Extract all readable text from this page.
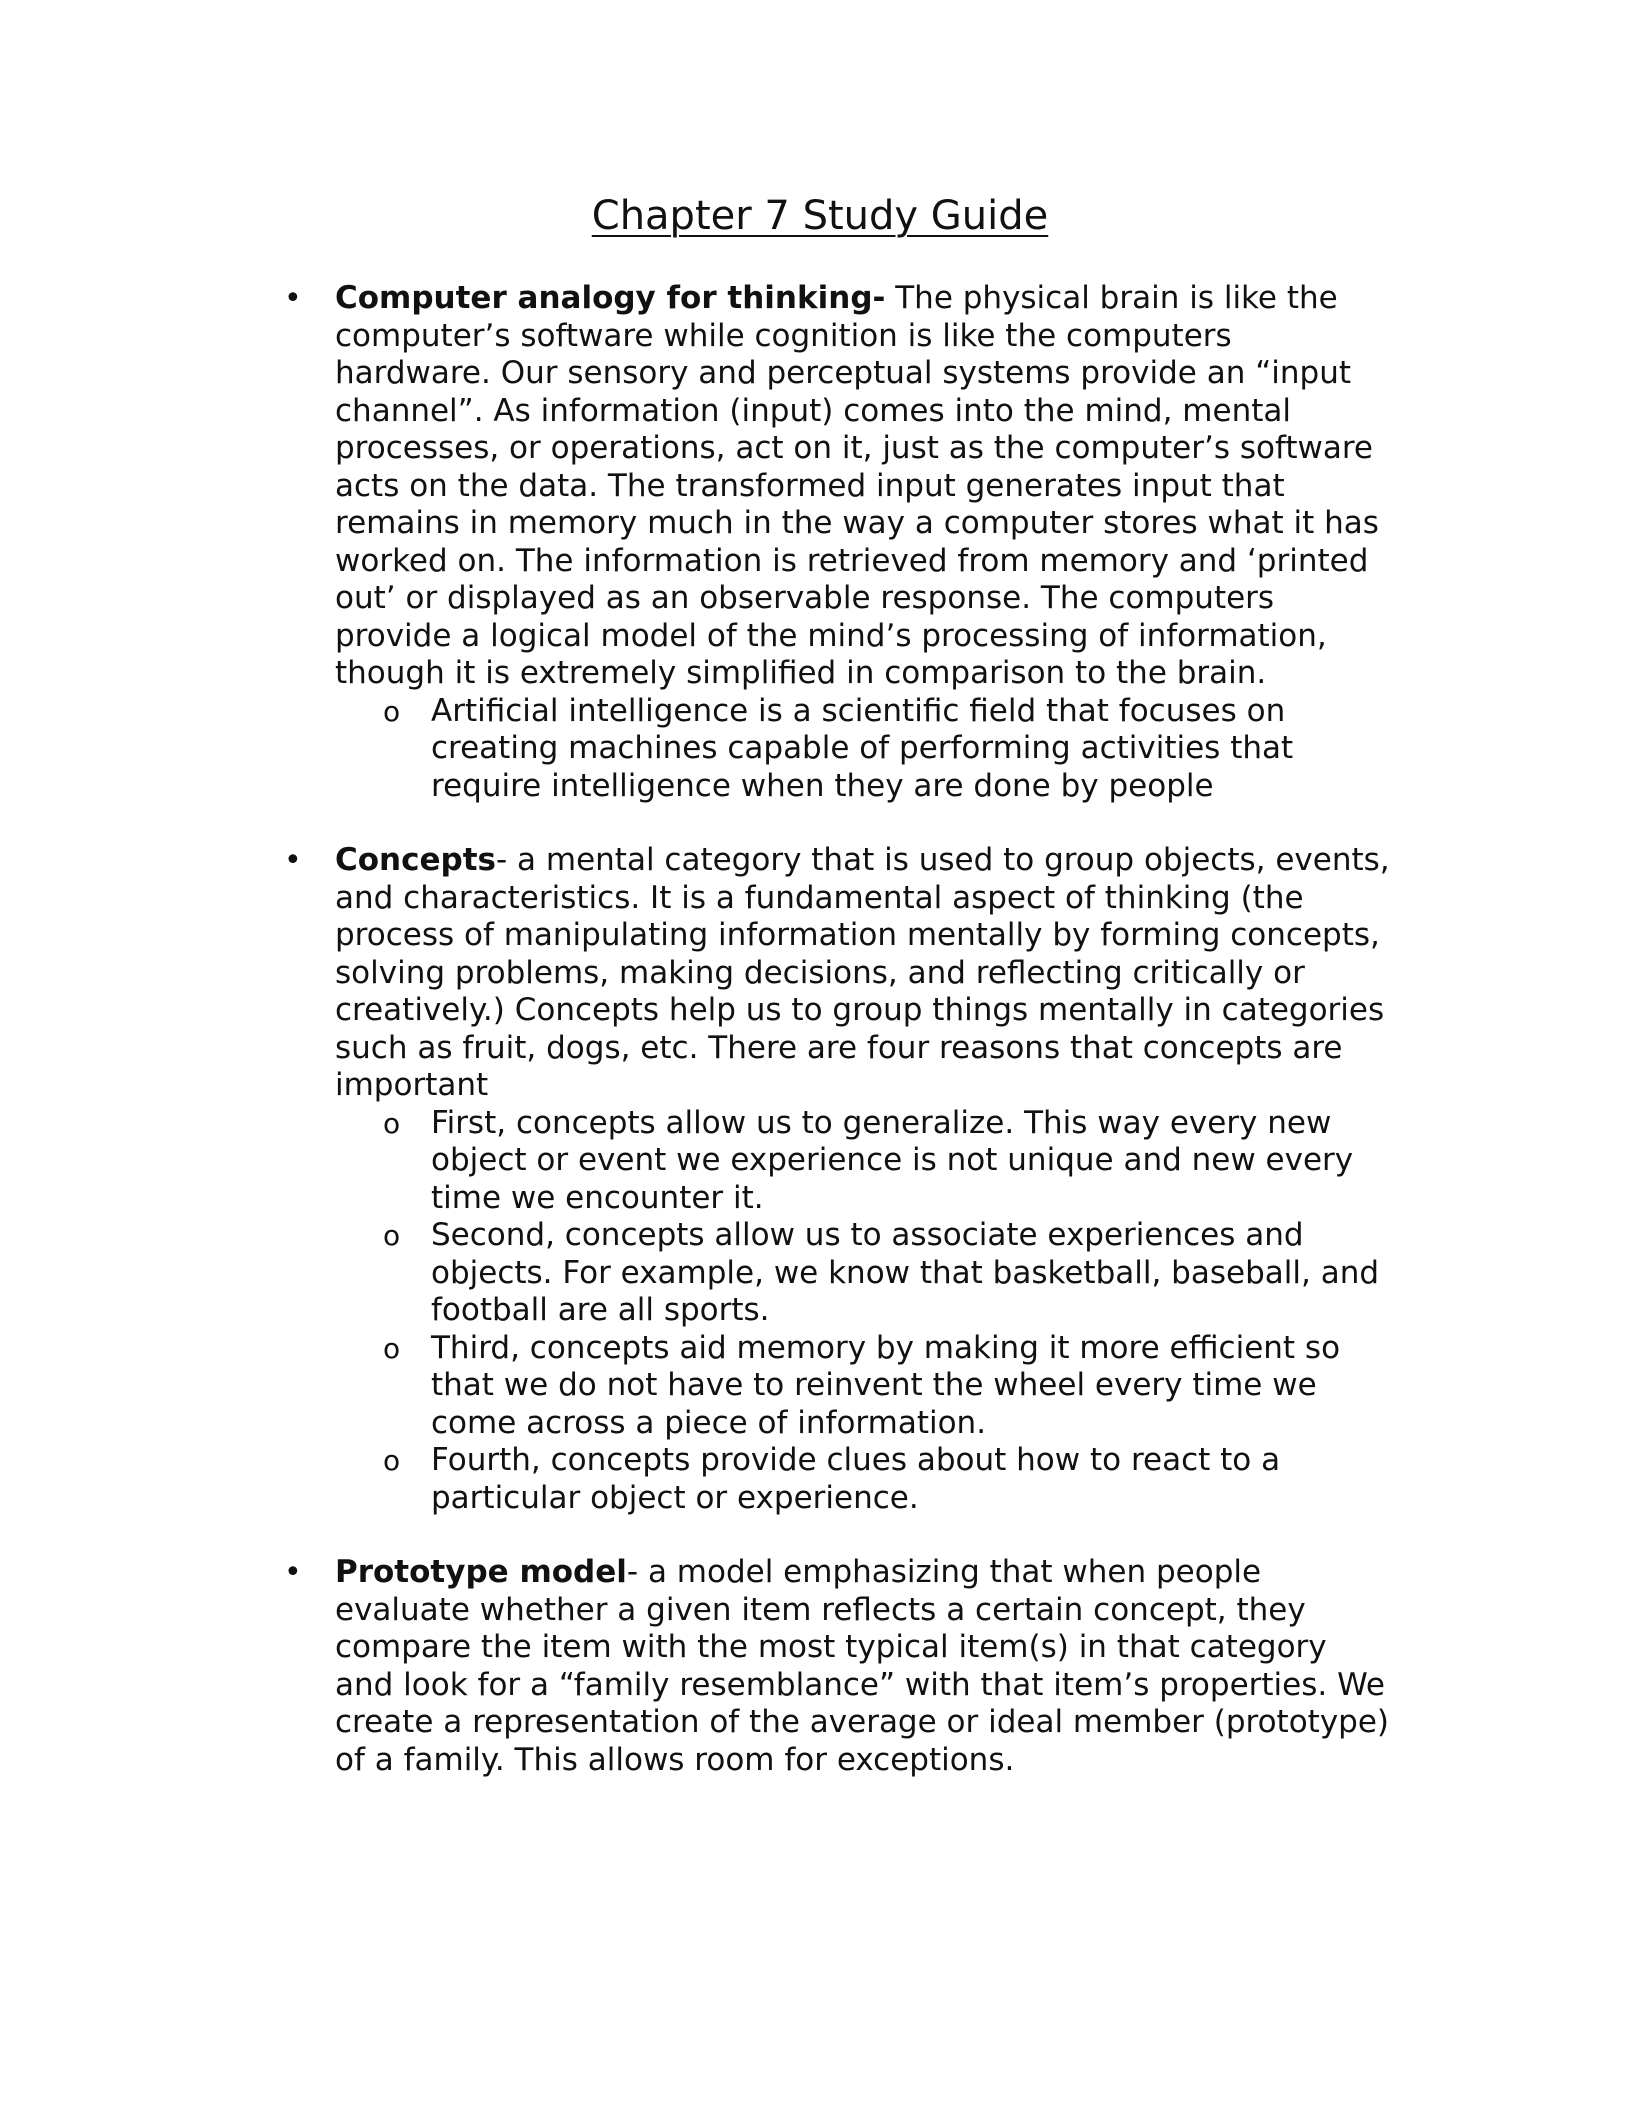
Chapter 7 Study Guide
• Computer analogy for thinking- The physical brain is like the computer’s software while cognition is like the computers hardware. Our sensory and perceptual systems provide an “input channel”. As information (input) comes into the mind, mental processes, or operations, act on it, just as the computer’s software acts on the data. The transformed input generates input that remains in memory much in the way a computer stores what it has worked on. The information is retrieved from memory and ‘printed out’ or displayed as an observable response. The computers provide a logical model of the mind’s processing of information, though it is extremely simplified in comparison to the brain.
o Artificial intelligence is a scientific field that focuses on creating machines capable of performing activities that require intelligence when they are done by people
• Concepts- a mental category that is used to group objects, events, and characteristics. It is a fundamental aspect of thinking (the process of manipulating information mentally by forming concepts, solving problems, making decisions, and reflecting critically or creatively.) Concepts help us to group things mentally in categories such as fruit, dogs, etc. There are four reasons that concepts are important
o First, concepts allow us to generalize. This way every new object or event we experience is not unique and new every time we encounter it.
o Second, concepts allow us to associate experiences and objects. For example, we know that basketball, baseball, and football are all sports.
o Third, concepts aid memory by making it more efficient so that we do not have to reinvent the wheel every time we come across a piece of information.
o Fourth, concepts provide clues about how to react to a particular object or experience.
• Prototype model- a model emphasizing that when people evaluate whether a given item reflects a certain concept, they compare the item with the most typical item(s) in that category and look for a “family resemblance” with that item’s properties. We create a representation of the average or ideal member (prototype) of a family. This allows room for exceptions.
